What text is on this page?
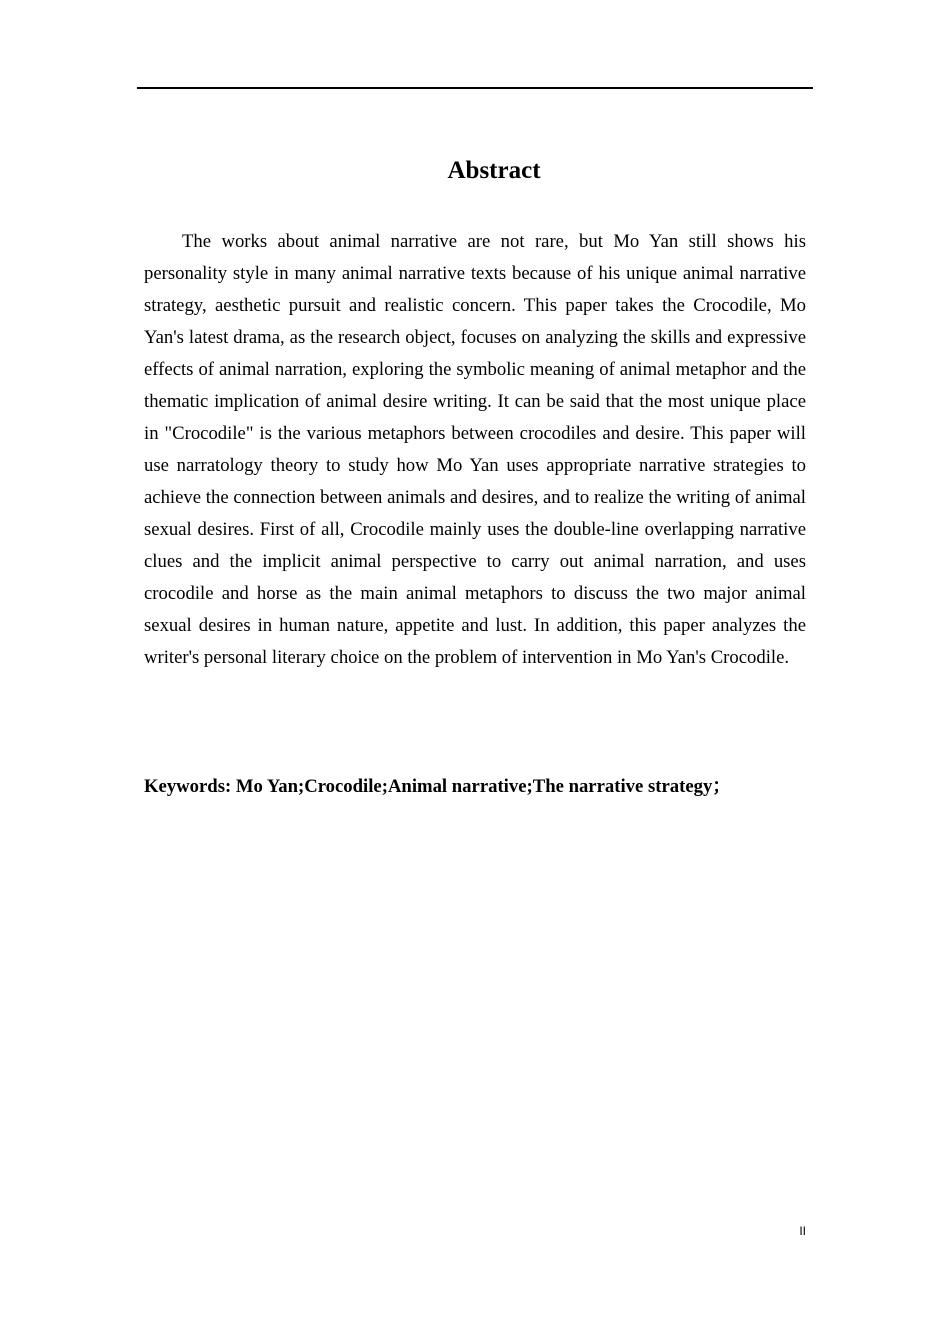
Abstract

The works about animal narrative are not rare, but Mo Yan still shows his personality style in many animal narrative texts because of his unique animal narrative strategy, aesthetic pursuit and realistic concern. This paper takes the Crocodile, Mo Yan's latest drama, as the research object, focuses on analyzing the skills and expressive effects of animal narration, exploring the symbolic meaning of animal metaphor and the thematic implication of animal desire writing. It can be said that the most unique place in "Crocodile" is the various metaphors between crocodiles and desire. This paper will use narratology theory to study how Mo Yan uses appropriate narrative strategies to achieve the connection between animals and desires, and to realize the writing of animal sexual desires. First of all, Crocodile mainly uses the double-line overlapping narrative clues and the implicit animal perspective to carry out animal narration, and uses crocodile and horse as the main animal metaphors to discuss the two major animal sexual desires in human nature, appetite and lust. In addition, this paper analyzes the writer's personal literary choice on the problem of intervention in Mo Yan's Crocodile.

Keywords: Mo Yan;Crocodile;Animal narrative;The narrative strategy；

II
